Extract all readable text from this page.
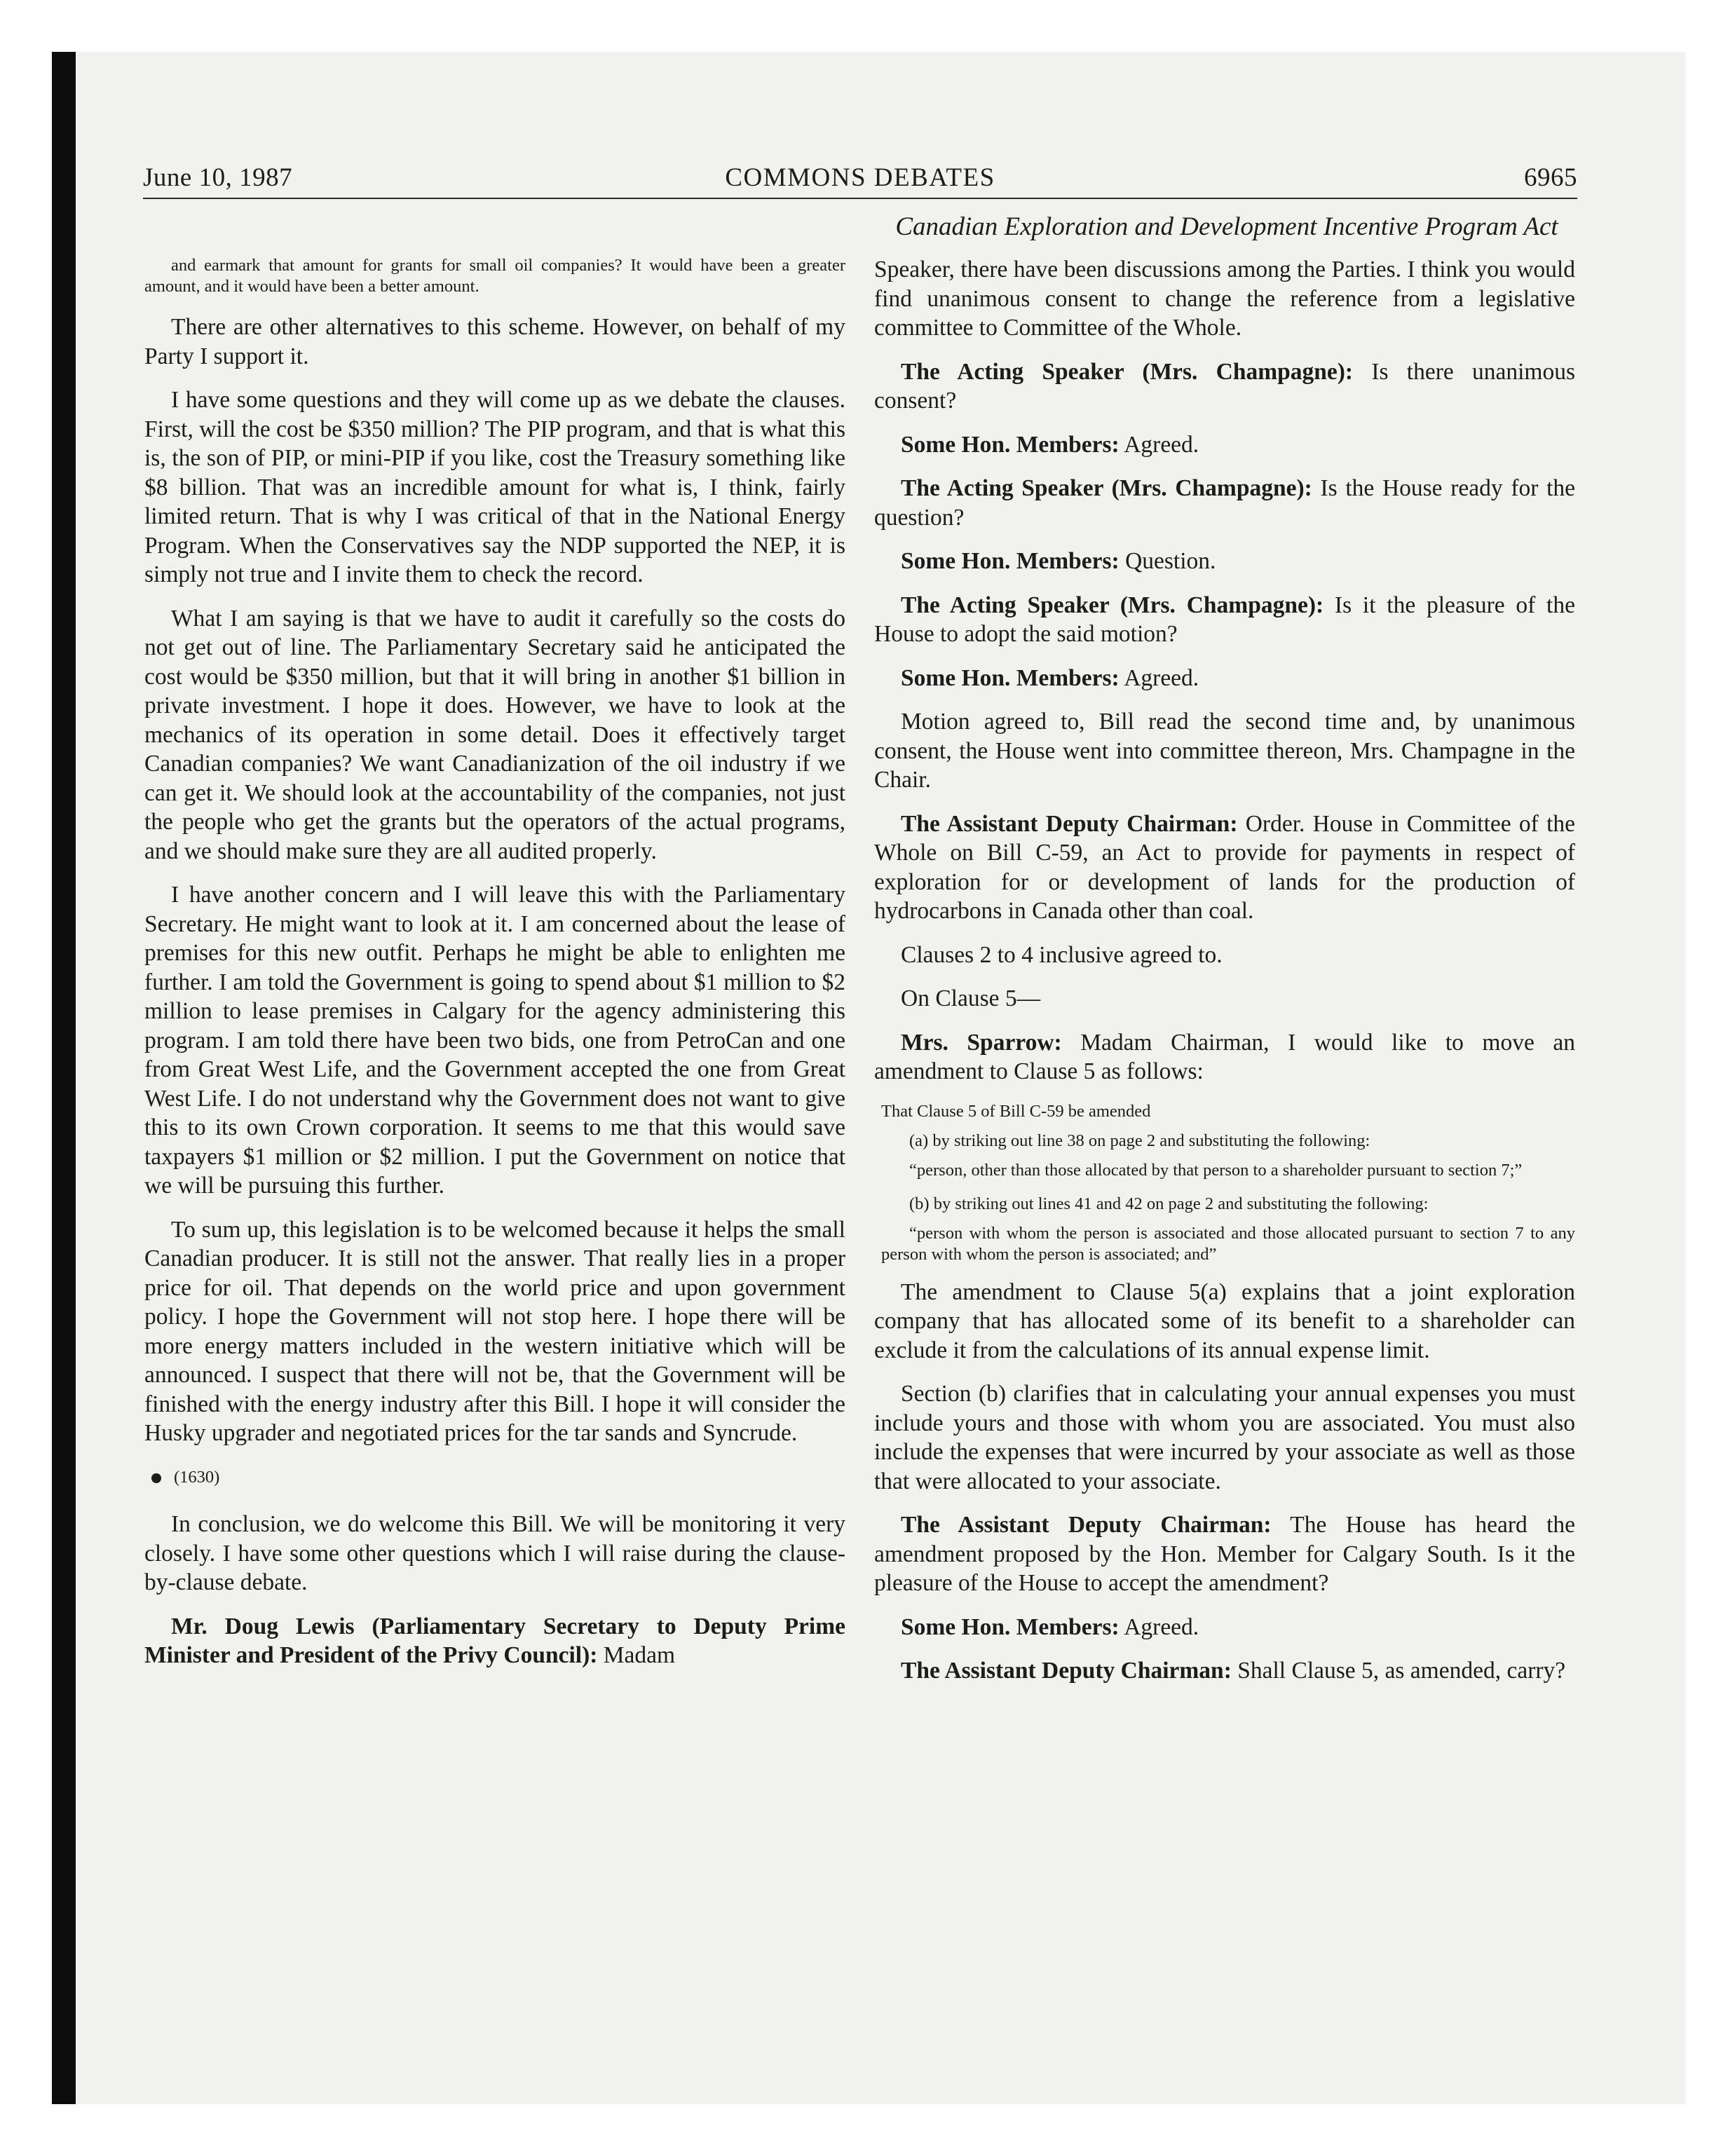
COMMONS DEBATES
June 10, 1987	6965

Canadian Exploration and Development Incentive Program Act

and earmark that amount for grants for small oil companies? It would have been a greater amount, and it would have been a better amount.

There are other alternatives to this scheme. However, on behalf of my Party I support it.

I have some questions and they will come up as we debate the clauses. First, will the cost be $350 million? The PIP program, and that is what this is, the son of PIP, or mini-PIP if you like, cost the Treasury something like $8 billion. That was an incredible amount for what is, I think, fairly limited return. That is why I was critical of that in the National Energy Program. When the Conservatives say the NDP supported the NEP, it is simply not true and I invite them to check the record.

What I am saying is that we have to audit it carefully so the costs do not get out of line. The Parliamentary Secretary said he anticipated the cost would be $350 million, but that it will bring in another $1 billion in private investment. I hope it does. However, we have to look at the mechanics of its operation in some detail. Does it effectively target Canadian companies? We want Canadianization of the oil industry if we can get it. We should look at the accountability of the companies, not just the people who get the grants but the operators of the actual programs, and we should make sure they are all audited properly.

I have another concern and I will leave this with the Parliamentary Secretary. He might want to look at it. I am concerned about the lease of premises for this new outfit. Perhaps he might be able to enlighten me further. I am told the Government is going to spend about $1 million to $2 million to lease premises in Calgary for the agency administering this program. I am told there have been two bids, one from PetroCan and one from Great West Life, and the Government accepted the one from Great West Life. I do not understand why the Government does not want to give this to its own Crown corporation. It seems to me that this would save taxpayers $1 million or $2 million. I put the Government on notice that we will be pursuing this further.

To sum up, this legislation is to be welcomed because it helps the small Canadian producer. It is still not the answer. That really lies in a proper price for oil. That depends on the world price and upon government policy. I hope the Government will not stop here. I hope there will be more energy matters included in the western initiative which will be announced. I suspect that there will not be, that the Government will be finished with the energy industry after this Bill. I hope it will consider the Husky upgrader and negotiated prices for the tar sands and Syncrude.

(1630)

In conclusion, we do welcome this Bill. We will be monitoring it very closely. I have some other questions which I will raise during the clause-by-clause debate.

Mr. Doug Lewis (Parliamentary Secretary to Deputy Prime Minister and President of the Privy Council): Madam

Speaker, there have been discussions among the Parties. I think you would find unanimous consent to change the reference from a legislative committee to Committee of the Whole.

The Acting Speaker (Mrs. Champagne): Is there unanimous consent?

Some Hon. Members: Agreed.

The Acting Speaker (Mrs. Champagne): Is the House ready for the question?

Some Hon. Members: Question.

The Acting Speaker (Mrs. Champagne): Is it the pleasure of the House to adopt the said motion?

Some Hon. Members: Agreed.

Motion agreed to, Bill read the second time and, by unanimous consent, the House went into committee thereon, Mrs. Champagne in the Chair.

The Assistant Deputy Chairman: Order. House in Committee of the Whole on Bill C-59, an Act to provide for payments in respect of exploration for or development of lands for the production of hydrocarbons in Canada other than coal.

Clauses 2 to 4 inclusive agreed to.

On Clause 5—

Mrs. Sparrow: Madam Chairman, I would like to move an amendment to Clause 5 as follows:

That Clause 5 of Bill C-59 be amended

(a) by striking out line 38 on page 2 and substituting the following:

“person, other than those allocated by that person to a shareholder pursuant to section 7;”

(b) by striking out lines 41 and 42 on page 2 and substituting the following:

“person with whom the person is associated and those allocated pursuant to section 7 to any person with whom the person is associated; and”

The amendment to Clause 5(a) explains that a joint exploration company that has allocated some of its benefit to a shareholder can exclude it from the calculations of its annual expense limit.

Section (b) clarifies that in calculating your annual expenses you must include yours and those with whom you are associated. You must also include the expenses that were incurred by your associate as well as those that were allocated to your associate.

The Assistant Deputy Chairman: The House has heard the amendment proposed by the Hon. Member for Calgary South. Is it the pleasure of the House to accept the amendment?

Some Hon. Members: Agreed.

The Assistant Deputy Chairman: Shall Clause 5, as amended, carry?
